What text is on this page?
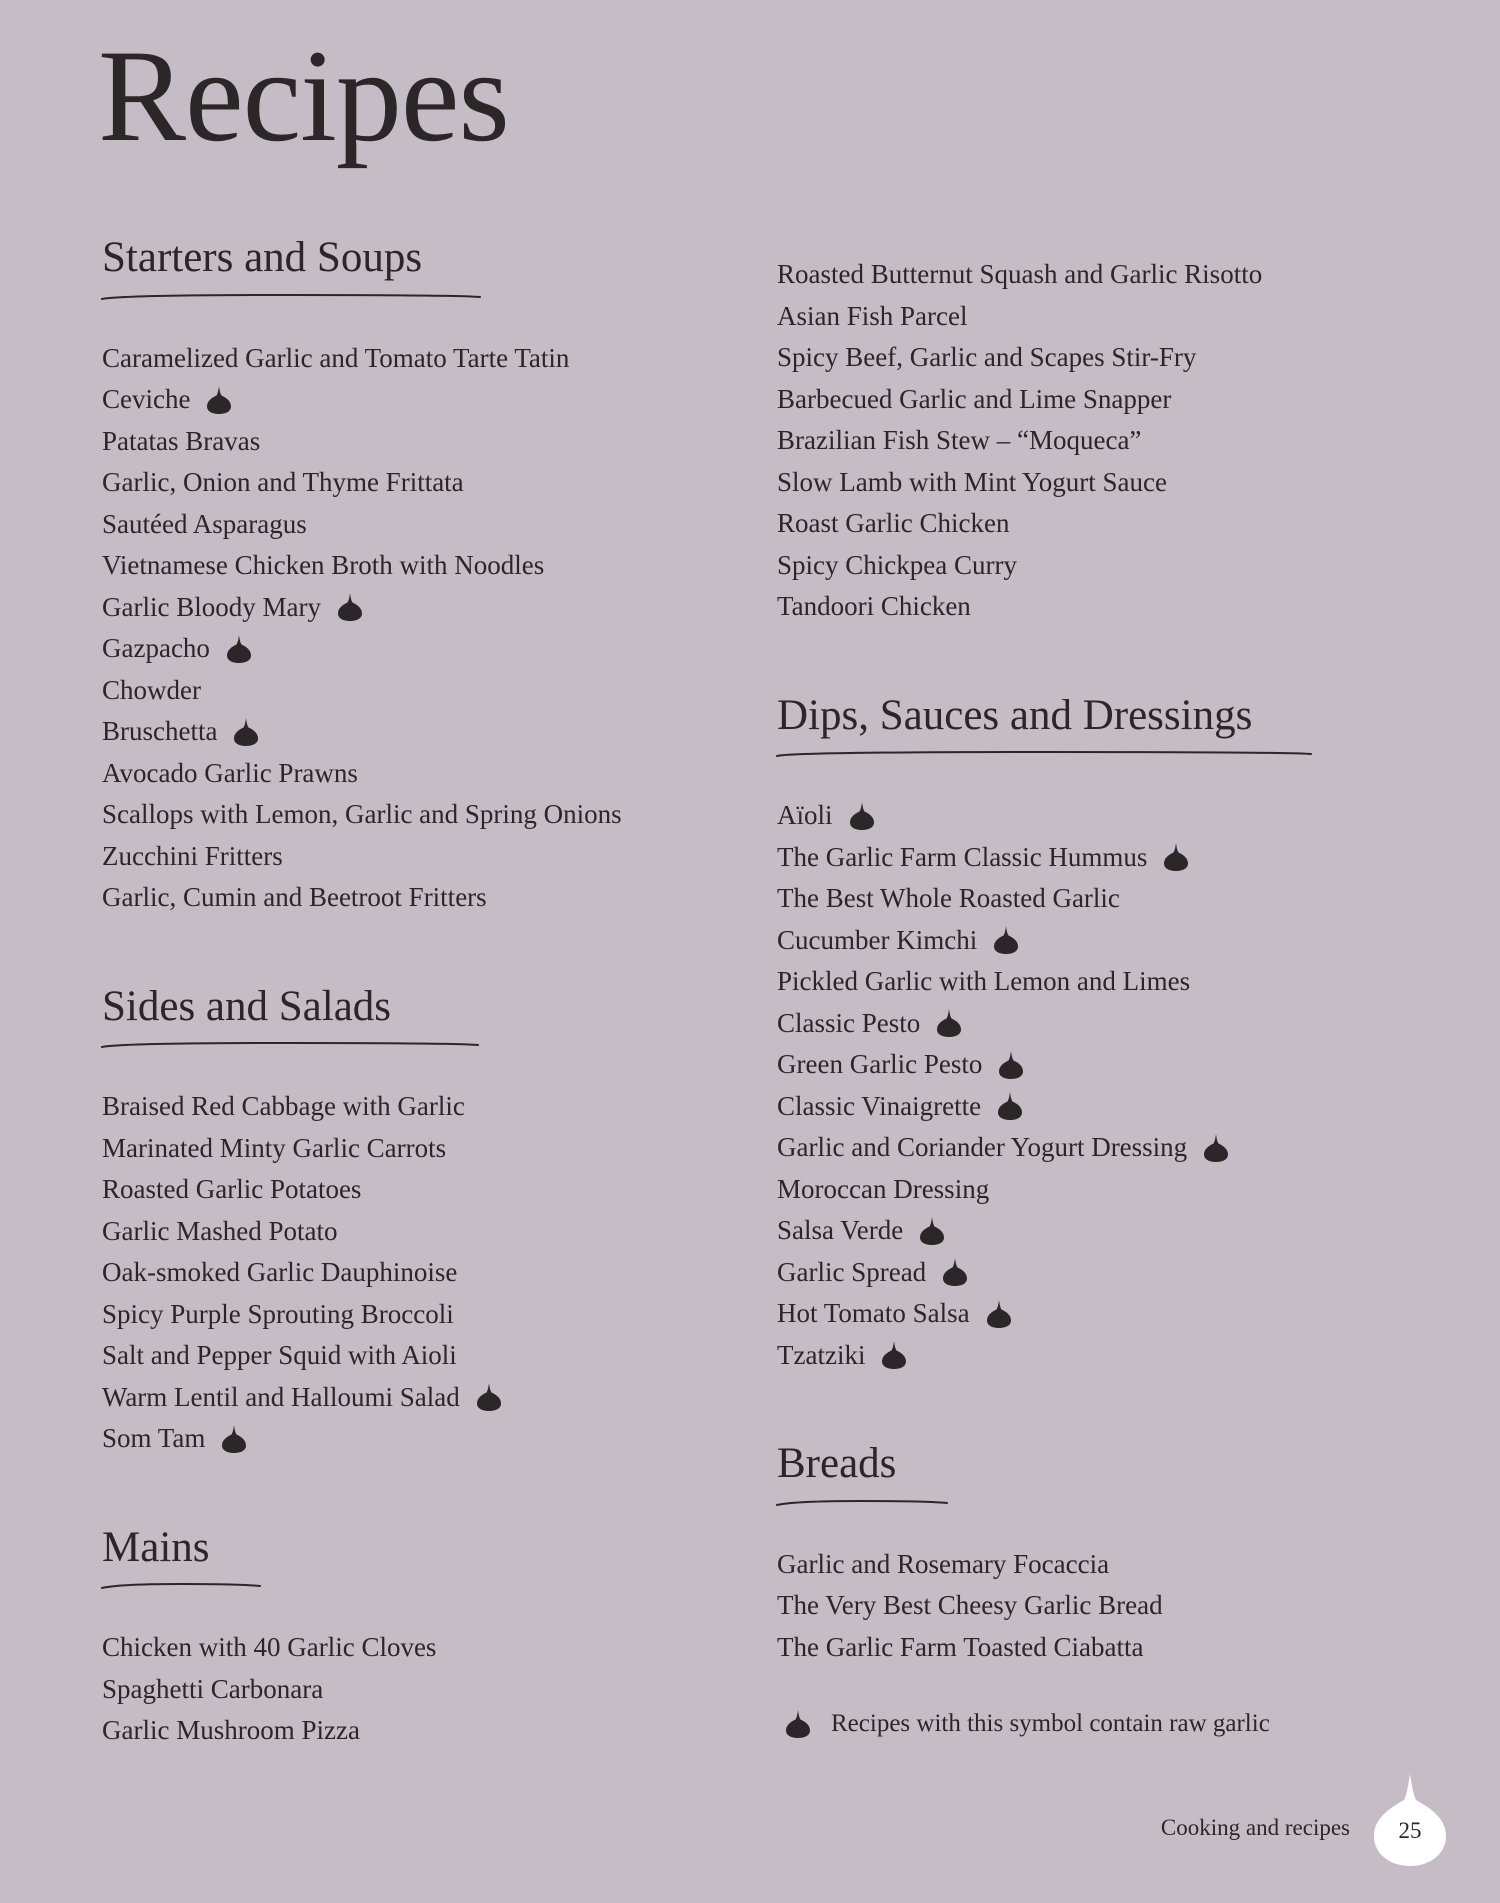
Recipes
Starters and Soups
Caramelized Garlic and Tomato Tarte Tatin
Ceviche
Patatas Bravas
Garlic, Onion and Thyme Frittata
Sautéed Asparagus
Vietnamese Chicken Broth with Noodles
Garlic Bloody Mary
Gazpacho
Chowder
Bruschetta
Avocado Garlic Prawns
Scallops with Lemon, Garlic and Spring Onions
Zucchini Fritters
Garlic, Cumin and Beetroot Fritters
Sides and Salads
Braised Red Cabbage with Garlic
Marinated Minty Garlic Carrots
Roasted Garlic Potatoes
Garlic Mashed Potato
Oak-smoked Garlic Dauphinoise
Spicy Purple Sprouting Broccoli
Salt and Pepper Squid with Aioli
Warm Lentil and Halloumi Salad
Som Tam
Mains
Chicken with 40 Garlic Cloves
Spaghetti Carbonara
Garlic Mushroom Pizza
Roasted Butternut Squash and Garlic Risotto
Asian Fish Parcel
Spicy Beef, Garlic and Scapes Stir-Fry
Barbecued Garlic and Lime Snapper
Brazilian Fish Stew – “Moqueca”
Slow Lamb with Mint Yogurt Sauce
Roast Garlic Chicken
Spicy Chickpea Curry
Tandoori Chicken
Dips, Sauces and Dressings
Aïoli
The Garlic Farm Classic Hummus
The Best Whole Roasted Garlic
Cucumber Kimchi
Pickled Garlic with Lemon and Limes
Classic Pesto
Green Garlic Pesto
Classic Vinaigrette
Garlic and Coriander Yogurt Dressing
Moroccan Dressing
Salsa Verde
Garlic Spread
Hot Tomato Salsa
Tzatziki
Breads
Garlic and Rosemary Focaccia
The Very Best Cheesy Garlic Bread
The Garlic Farm Toasted Ciabatta
Recipes with this symbol contain raw garlic
Cooking and recipes	25
